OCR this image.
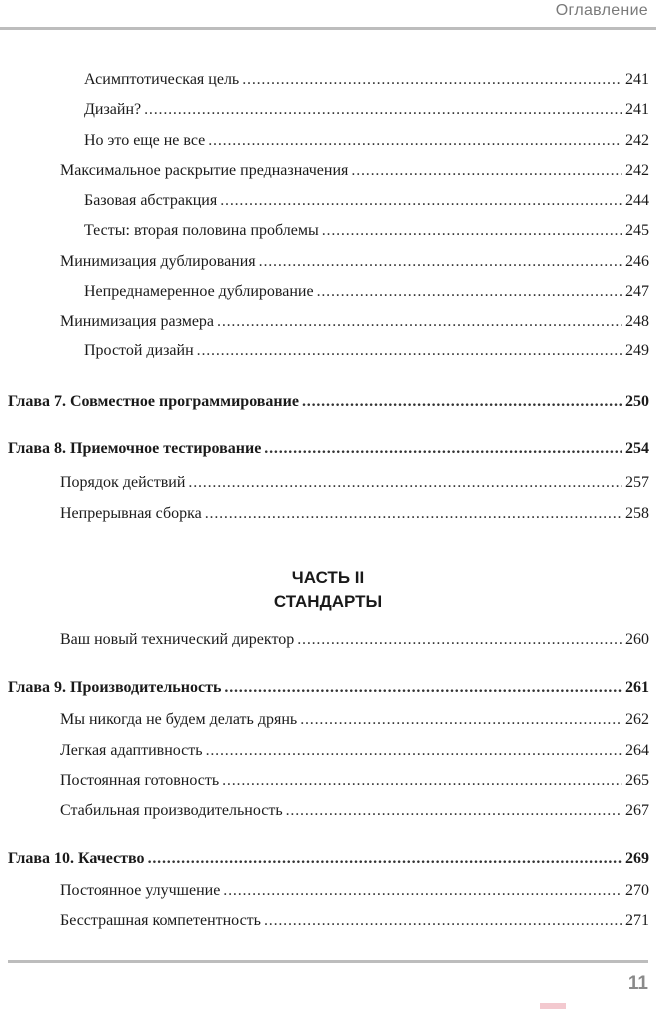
Оглавление
Асимптотическая цель . . .	241
Дизайн? . . .	241
Но это еще не все . . .	242
Максимальное раскрытие предназначения . . .	242
Базовая абстракция . . .	244
Тесты: вторая половина проблемы . . .	245
Минимизация дублирования . . .	246
Непреднамеренное дублирование . . .	247
Минимизация размера . . .	248
Простой дизайн . . .	249
Глава 7. Совместное программирование . . .	250
Глава 8. Приемочное тестирование . . .	254
Порядок действий . . .	257
Непрерывная сборка . . .	258
ЧАСТЬ II
СТАНДАРТЫ
Ваш новый технический директор . . .	260
Глава 9. Производительность . . .	261
Мы никогда не будем делать дрянь . . .	262
Легкая адаптивность . . .	264
Постоянная готовность . . .	265
Стабильная производительность . . .	267
Глава 10. Качество . . .	269
Постоянное улучшение . . .	270
Бесстрашная компетентность . . .	271
11
